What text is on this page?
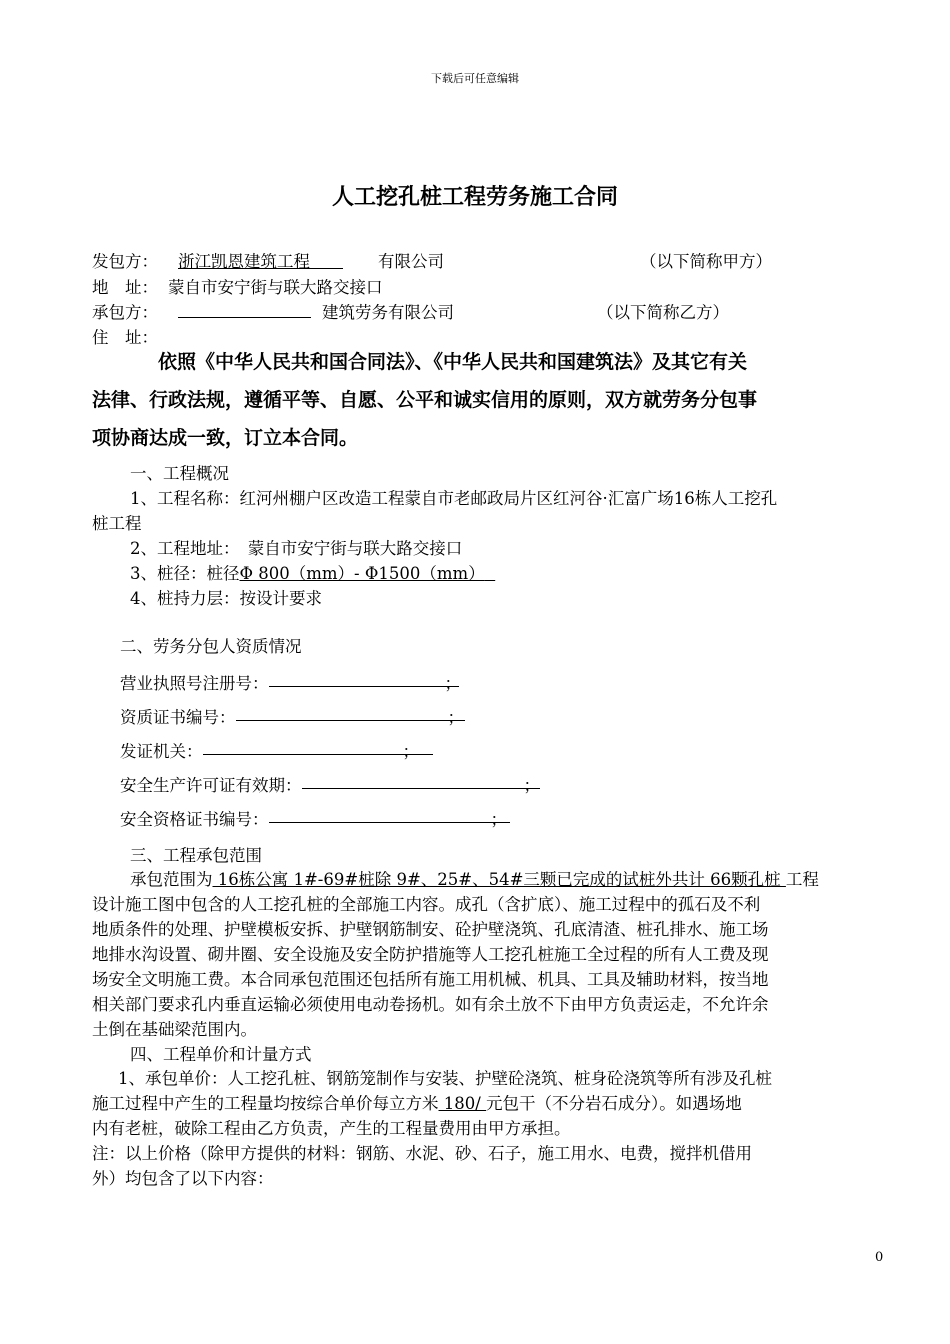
下载后可任意编辑
人工挖孔桩工程劳务施工合同
发包方： 浙江凯恩建筑工程　　	有限公司	（以下简称甲方）
地　址： 蒙自市安宁街与联大路交接口
承包方：	建筑劳务有限公司	（以下简称乙方）
住　址：
依照《中华人民共和国合同法》、《中华人民共和国建筑法》及其它有关
法律、行政法规，遵循平等、自愿、公平和诚实信用的原则，双方就劳务分包事
项协商达成一致，订立本合同。
一、工程概况
1、工程名称：红河州棚户区改造工程蒙自市老邮政局片区红河谷·汇富广场16栋人工挖孔
桩工程
2、工程地址：　蒙自市安宁街与联大路交接口
3、桩径：桩径Φ 800（mm）- Φ1500（mm）
4、桩持力层：按设计要求
二、劳务分包人资质情况
营业执照号注册号：	；
资质证书编号：	；
发证机关：	；
安全生产许可证有效期：	；
安全资格证书编号：	；
三、工程承包范围
承包范围为 16栋公寓 1#-69#桩除 9#、25#、54#三颗已完成的试桩外共计 66颗孔桩 工程
设计施工图中包含的人工挖孔桩的全部施工内容。成孔（含扩底）、施工过程中的孤石及不利
地质条件的处理、护壁模板安拆、护壁钢筋制安、砼护壁浇筑、孔底清渣、桩孔排水、施工场
地排水沟设置、砌井圈、安全设施及安全防护措施等人工挖孔桩施工全过程的所有人工费及现
场安全文明施工费。本合同承包范围还包括所有施工用机械、机具、工具及辅助材料，按当地
相关部门要求孔内垂直运输必须使用电动卷扬机。如有余土放不下由甲方负责运走，不允许余
土倒在基础梁范围内。
四、工程单价和计量方式
1、承包单价：人工挖孔桩、钢筋笼制作与安装、护壁砼浇筑、桩身砼浇筑等所有涉及孔桩
施工过程中产生的工程量均按综合单价每立方米 180/ 元包干（不分岩石成分）。如遇场地
内有老桩，破除工程由乙方负责，产生的工程量费用由甲方承担。
注：以上价格（除甲方提供的材料：钢筋、水泥、砂、石子，施工用水、电费，搅拌机借用
外）均包含了以下内容：
0
